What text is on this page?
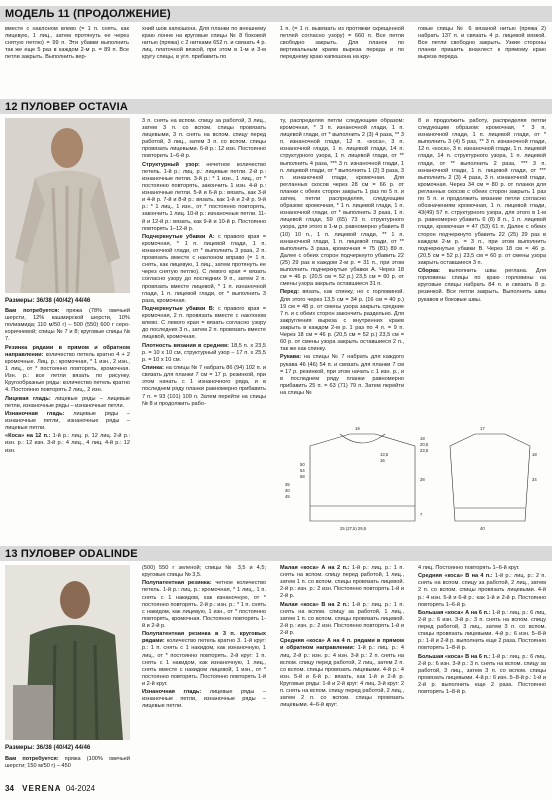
МОДЕЛЬ 11 (ПРОДОЛЖЕНИЕ)

вместе с наклоном влево (= 1 п. снять, как лицевую, 1 лиц., затем протянуть ее через снятую петлю) = 99 п. Эти убавки выполнить так же еще 5 раз в каждом 2-м р. = 89 п. Все петли закрыть. Выполнить вер-

хний шов капюшона. Для планки по внешнему краю лонне на круговые спицы № 8 боковой нитью (пряжа) с 2 нитками 652 п. и связать 4 р. лиц. платочной вязкой, при этом в 1-м и 3-м кругу спицы, в угл. прибавить по

1 п. (= 1 п. вывязать из протяжки скрещенной петлей согласно узору) = 660 п. Все петли свободно закрыть. Для планок по вертикальным краям выреза переда и по переднему краю капюшона на кру-

говые спицы № 6 вязаной нитью (пряжа 2) набрать 137 п. и связать 4 р. лицевой вязкой. Все петли свободно закрыть. Узкие стороны планки пришить внахлест к прямому краю выреза переда.

12 ПУЛОВЕР OCTAVIA
Размеры: 36/38 (40/42) 44/46

Вам потребуется: пряжа (78% овечьей шерсти, 12% кашмирской шерсти, 10% полиамида; 110 м/50 г) – 500 (550) 600 г серо-коричневой; спицы № 7 и 8; круговые спицы № 7.

Резинка рядами в прямом и обратном направлении: количество петель кратно 4 + 2 кромочные. Лиц. р.: кромочная, * 1 изн., 2 изн., 1 лиц., от * постоянно повторять, кромочная. Изн. р.: все петли вязать по рисунку. Кругообразные ряды: количество петель кратно 4. Постоянно повторять 2 лиц., 2 изн.

Лицевая гладь: лицевые ряды – лицевые петли, изнаночные ряды – изнаночные петли.

Изнаночная гладь: лицевые ряды – изнаночные петли, изнаночные ряды – лицевые петли.

«Коса» на 12 п.: 1-й р.: лиц. р. 12 лиц. 2-й р.: изн. р.: 12 изн. 3-й р.: 4 лиц., 4 лиц. 4-й р.: 12 изн.

3 п. снять на вспом. спицу за работой, 3 лиц., затем 3 п. со вспом. спицы провязать лицевыми, 3 п. снять на вспом. спицу перед работой, 3 лиц., затем 3 п. со вспом. спицы провязать лицевыми. 6-й р.: 12 изн. Постоянно повторить 1–6-й р.

Структурный узор: нечетное количество петель. 1-й р.: лиц. р.: лицевые петли. 2-й р.: изнаночные петли. 3-й р.: * 1 изн., 1 лиц., от * постоянно повторять, закончить 1 изн. 4-й р.: изнаночные петли. 5-й и 6-й р.: вязать, как 3-й и 4-й р. 7-й и 8-й р.: вязать, как 1-й и 2-й р. 9-й р.: * 1 лиц., 1 изн., от * постоянно повторять, закончить 1 лиц. 10-й р.: изнаночные петли. 11-й и 12-й р.: вязать, как 9-й и 10-й р. Постоянно повторять 1–12-й р.

Подчеркнутые убавки А: с правого края = кромочная, * 1 п. лицевой глади, 1 п. изнаночной глади, от * выполнить 3 раза, 2 п. провязать вместе с наклоном вправо (= 1 п. снять, как лицевую, 1 лиц., затем протянуть ее через снятую петлю). С левого края = вязать согласно узору до последних 9 п., затем 2 п. провязать вместе лицевой, * 1 п. изнаночной глади, 1 п. лицевой глади, от * выполнить 3 раза, кромочная.

Подчеркнутые убавки B: с правого края = кромочная, 2 п. провязать вместе с наклоном влево. С левого края = вязать согласно узору до последних 3 п., затем 2 п. провязать вместе лицевой, кромочная.

Плотность вязания в среднем: 18,5 п. х 23,5 р. = 10 х 10 см, структурный узор – 17 п. х 25,5 р. = 10 х 10 см.

Спинка: на спицы № 7 набрать 86 (94) 102 п. и связать для планки 7 см = 17 р. резинкой, при этом начать с 1 изнаночного ряда, и в последнем ряду планки равномерно прибавить 7 п. = 93 (101) 109 п. Затем перейти на спицы № 8 и продолжить рабо-

ту, распределяя петли следующим образом: кромочная, * 3 п. изнаночной глади, 1 п. лицевой глади, от * выполнить 2 (3) 4 раза, ** 3 п. изнаночной глади, 12 п. «коса», 3 п. изнаночной глади, 1 п. лицевой глади, 14 п. структурного узора, 1 п. лицевой глади, от ** выполнить 4 раза, *** 3 п. изнаночной глади, 1 п. лицевой глади, от * выполнить 1 (2) 3 раза, 3 п. изнаночной глади, кромочная. Для регланных скосов через 28 см = 66 р. от планки с обеих сторон закрыть 1 раз по 5 п. и затем, петли распределяя, следующим образом: кромочная, * 1 п. лицевой глади, 1 п. изнаночной глади, от * выполнить 3 раза, 1 п. лицевой глади, 59 (65) 73 п. структурного узора, для этого в 1-м р. равномерно убавить 8 (10) 10 п., 1 п. лицевой глади, ** 1 п. изнаночной глади, 1 п. лицевой глади, от ** выполнить 3 раза, кромочная = 75 (81) 89 п. Далее с обеих сторон подчеркнуто убавить 22 (25) 29 раз в каждом 2-м р. = 31 п., при этом выполнить подчеркнутые убавки А. Через 18 см = 46 р. (20,5 см = 52 р.) 23,5 см = 60 р. от смены узора закрыть оставшиеся 31 п.

Перед: вязать, как спинку, но с горловиной. Для этого через 13,5 см = 34 р. (16 см = 40 р.) 19 см = 48 р. от смены узора закрыть средние 7 п. и с обеих сторон закончить раздельно. Для закругления выреза с внутренних краев закрыть в каждом 2-м р. 1 раз по 4 п. = 9 п. Через 18 см = 46 р. (20,5 см = 52 р.) 23,5 см = 60 р. от смены узора закрыть оставшиеся 2 п., так же как спинку.

Рукава: на спицы № 7 набрать для каждого рукава 46 (46) 54 п. и связать для планки 7 см = 17 р. резинкой, при этом начать с 1 изн. р., и в последнем ряду планки равномерно прибавить 25 п. = 63 (71) 79 п. Затем перейти на спицы №

8 и продолжить работу, распределяя петли следующим образом: кромочная, * 3 п. изнаночной глади, 1 п. лицевой глади, от * выполнить 3 (4) 5 раз, ** 3 п. изнаночной глади, 12 п. «коса», 3 п. изнаночной глади, 1 п. лицевой глади, 14 п. структурного узора, 1 п. лицевой глади, от ** выполнить 2 раза, *** 3 п. изнаночной глади, 1 п. лицевой глади, от *** выполнить 2 (3) 4 раза, 3 п. изнаночной глади, кромочная. Через 34 см = 80 р. от планки для регланных скосов с обеих сторон закрыть 1 раз по 5 п. и продолжить вязание петли согласно обозначениям кромочная, 1 п. лицевой глади, 43(49) 57 п. структурного узора, для этого в 1-м р. равномерно убавить 6 (8) 8 п., 1 п. лицевой глади, кромочная = 47 (53) 61 п. Далее с обеих сторон подчеркнуто убавить 22 (25) 29 раз в каждом 2-м р. = 3 п., при этом выполнить подчеркнутые убавки B. Через 18 см = 46 р. (20,5 см = 52 р.) 23,5 см = 60 р. от смены узора закрыть оставшиеся 3 п.

Сборка: выполнить швы реглана. Для горловины спицы по краю горловины на круговые спицы набрать 84 п. и связать 8 р. резинкой. Все петли закрыть. Выполнить швы рукавов и боковые швы.

18
20,5
23,5
28	34
7
35
40
45
25 (27,5) 29,5
50
54
58
19	17
13,5
16
40
18
13 ПУЛОВЕР ODALINDE
Размеры: 36/38 (40/42) 44/46

Вам потребуется: пряжа (100% овечьей шерсти; 150 м/50 г) – 450

(500) 550 г зеленой; спицы № 3,5 и 4,5; круговые спицы № 3,5.

Полупатентная резинка: четное количество петель. 1-й р.: лиц. р.: кромочная, * 1 лиц., 1 п. снять с 1 накидом, как изнаночную, от * постоянно повторять. 2-й р.: изн. р.: * 1 п. снять с накидом, как лицевую, 1 изн., от * постоянно повторять, кромочная. Постоянно повторять 1-й и 2-й р.

Полупатентная резинка в 3 п. круговых рядами: количество петель кратно 3. 1-й круг: р.: 1 п. снять с 1 накидом, как изнаночную, 1 лиц., от * постоянно повторять. 2-й круг: 1 п. снять с 1 накидом, как изнаночную, 1 лиц., снять вместе с накидом лицевой, 1 изн., от * постоянно повторять. Постоянно повторять 1-й и 2-й круг.

Изнаночная гладь: лицевые ряды – изнаночные петли, изнаночные ряды – лицевые петли.

Малая «коса» А на 2 п.: 1-й р.: лиц. р.: 1 п. снять на вспом. спицу перед работой, 1 лиц., затем 1 п. со вспом. спицы провязать лицевой. 2-й р.: изн. р.: 2 изн. Постоянно повторять 1-й и 2-й р.

Малая «коса» В на 2 п.: 1-й р.: лиц. р.: 1 п. снять на вспом. спицу за работой, 1 лиц., затем 1 п. со вспом. спицы провязать лицевой. 2-й р.: изн. р.: 2 изн. Постоянно повторять 1-й и 2-й р.

Средняя «коса» А на 4 п. рядами в прямом и обратном направлении: 1-й р.: лиц. р.: 4 лиц. 2-й р.: изн. р.: 4 изн. 3-й р.: 2 п. снять на вспом. спицу перед работой, 2 лиц., затем 2 п. со вспом. спицы провязать лицевыми. 4-й р.: 4 изн. 5-й и 6-й р.: вязать, как 1-й и 2-й р. Круговые ряды: 1-й и 2-й круг: 4 лиц. 3-й круг: 2 п. снять на вспом. спицу перед работой, 2 лиц., затем 2 п. со вспом. спицы провязать лицевыми. 4–6-й круг:

4 лиц. Постоянно повторять 1–6-й круг.

Средняя «коса» В на 4 п.: 1-й р.: лиц. р.: 2 п. снять на вспом. спицу за работой, 2 лиц., затем 2 п. со вспом. спицы провязать лицевыми. 4-й р.: 4 изн. 5-й и 6-й р.: как 1-й и 2-й р. Постоянно повторять 1–6-й р.

Большая «коса» А на 6 п.: 1-й р.: лиц. р.: 6 лиц. 2-й р.: 6 изн. 3-й р.: 3 п. снять на вспом. спицу перед работой, 3 лиц., затем 3 п. со вспом. спицы провязать лицевыми. 4-й р.: 6 изн. 5–8-й р.: 1-й и 2-й р. выполнить еще 2 раза. Постоянно повторять 1–8-й р.

Большая «коса» В на 6 п.: 1-й р.: лиц. р.: 6 лиц. 2-й р.: 6 изн. 3-й р.: 3 п. снять на вспом. спицу за работой, 3 лиц., затем 3 п. со вспом. спицы провязать лицевыми. 4-й р.: 6 изн. 5–8-й р.: 1-й и 2-й р. выполнить еще 2 раза. Постоянно повторять 1–8-й р.

34 VERENA 04-2024
